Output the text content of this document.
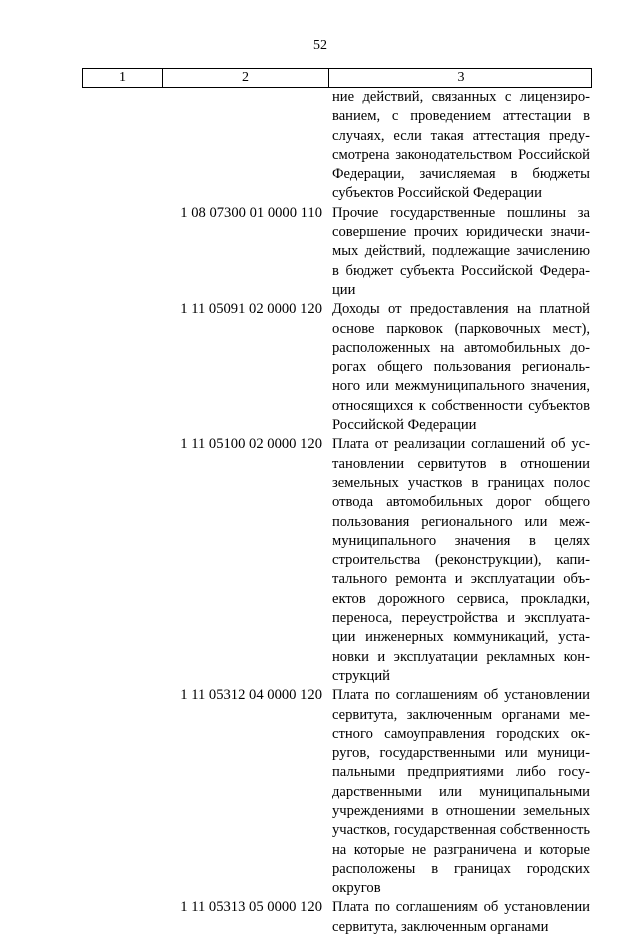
52
1	2	3
ние действий, связанных с лицензированием, с проведением аттестации в случаях, если такая аттестация предусмотрена законодательством Российской Федерации, зачисляемая в бюджеты субъектов Российской Федерации
1 08 07300 01 0000 110 Прочие государственные пошлины за совершение прочих юридически значимых действий, подлежащие зачислению в бюджет субъекта Российской Федерации
1 11 05091 02 0000 120 Доходы от предоставления на платной основе парковок (парковочных мест), расположенных на автомобильных дорогах общего пользования регионального или межмуниципального значения, относящихся к собственности субъектов Российской Федерации
1 11 05100 02 0000 120 Плата от реализации соглашений об установлении сервитутов в отношении земельных участков в границах полос отвода автомобильных дорог общего пользования регионального или межмуниципального значения в целях строительства (реконструкции), капитального ремонта и эксплуатации объектов дорожного сервиса, прокладки, переноса, переустройства и эксплуатации инженерных коммуникаций, установки и эксплуатации рекламных конструкций
1 11 05312 04 0000 120 Плата по соглашениям об установлении сервитута, заключенным органами местного самоуправления городских округов, государственными или муниципальными предприятиями либо государственными или муниципальными учреждениями в отношении земельных участков, государственная собственность на которые не разграничена и которые расположены в границах городских округов
1 11 05313 05 0000 120 Плата по соглашениям об установлении сервитута, заключенным органами
